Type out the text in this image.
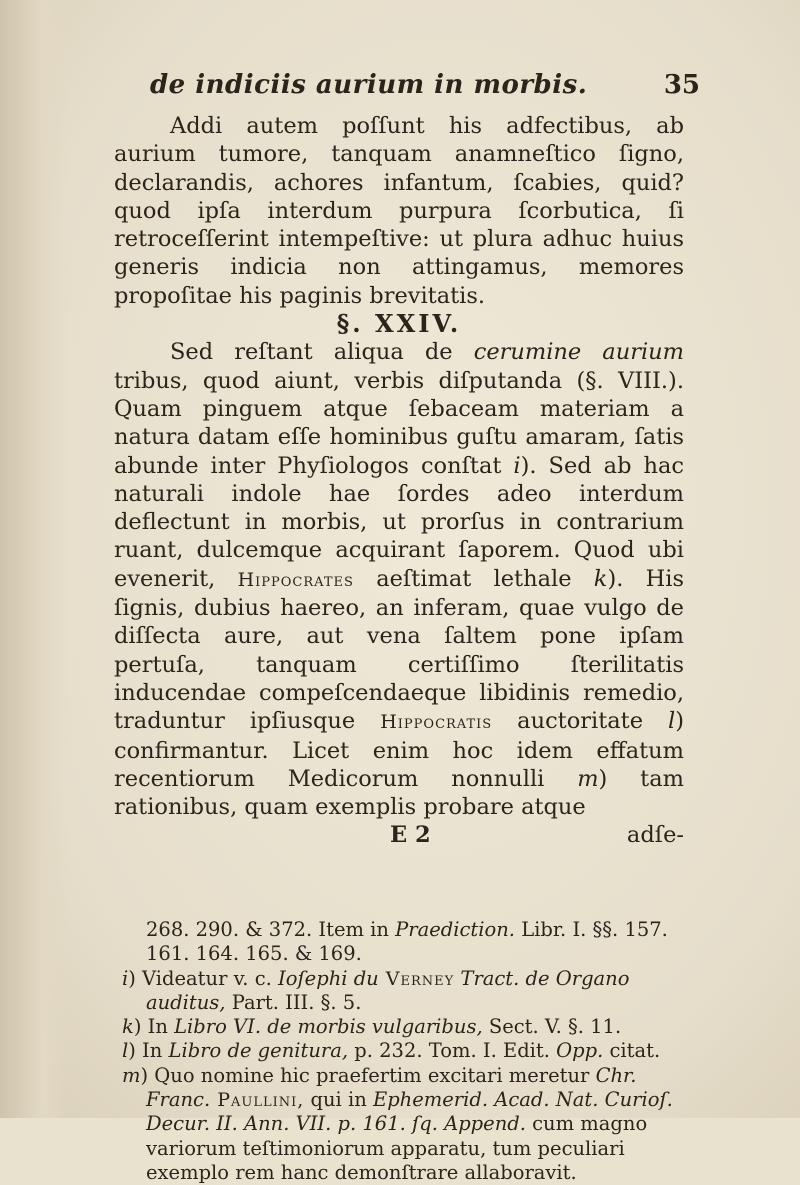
de indiciis aurium in morbis.	35

Addi autem poſſunt his adfectibus, ab aurium tumore, tanquam anamneſtico ſigno, declarandis, achores infantum, ſcabies, quid? quod ipſa interdum purpura ſcorbutica, ſi retroceſſerint intempeſtive: ut plura adhuc huius generis indicia non attingamus, memores propoſitae his paginis brevitatis.

§. XXIV.

Sed reſtant aliqua de cerumine aurium tribus, quod aiunt, verbis diſputanda (§. VIII.). Quam pinguem atque ſebaceam materiam a natura datam eſſe hominibus guſtu amaram, ſatis abunde inter Phyſiologos conſtat i). Sed ab hac naturali indole hae ſordes adeo interdum deflectunt in morbis, ut prorſus in contrarium ruant, dulcemque acquirant ſaporem. Quod ubi evenerit, Hippocrates aeſtimat lethale k). His ſignis, dubius haereo, an inferam, quae vulgo de diſſecta aure, aut vena ſaltem pone ipſam pertuſa, tanquam certiſſimo ſterilitatis inducendae compeſcendaeque libidinis remedio, traduntur ipſiusque Hippocratis auctoritate l) confirmantur. Licet enim hoc idem effatum recentiorum Medicorum nonnulli m) tam rationibus, quam exemplis probare atque

E 2	adſe-

268. 290. & 372. Item in Praediction. Libr. I. §§. 157. 161. 164. 165. & 169.

i) Videatur v. c. Ioſephi du Verney Tract. de Organo auditus, Part. III. §. 5.

k) In Libro VI. de morbis vulgaribus, Sect. V. §. 11.

l) In Libro de genitura, p. 232. Tom. I. Edit. Opp. citat.

m) Quo nomine hic praefertim excitari meretur Chr. Franc. Paullini, qui in Ephemerid. Acad. Nat. Curioſ. Decur. II. Ann. VII. p. 161. ſq. Append. cum magno variorum teſtimoniorum apparatu, tum peculiari exemplo rem hanc demonſtrare allaboravit.
